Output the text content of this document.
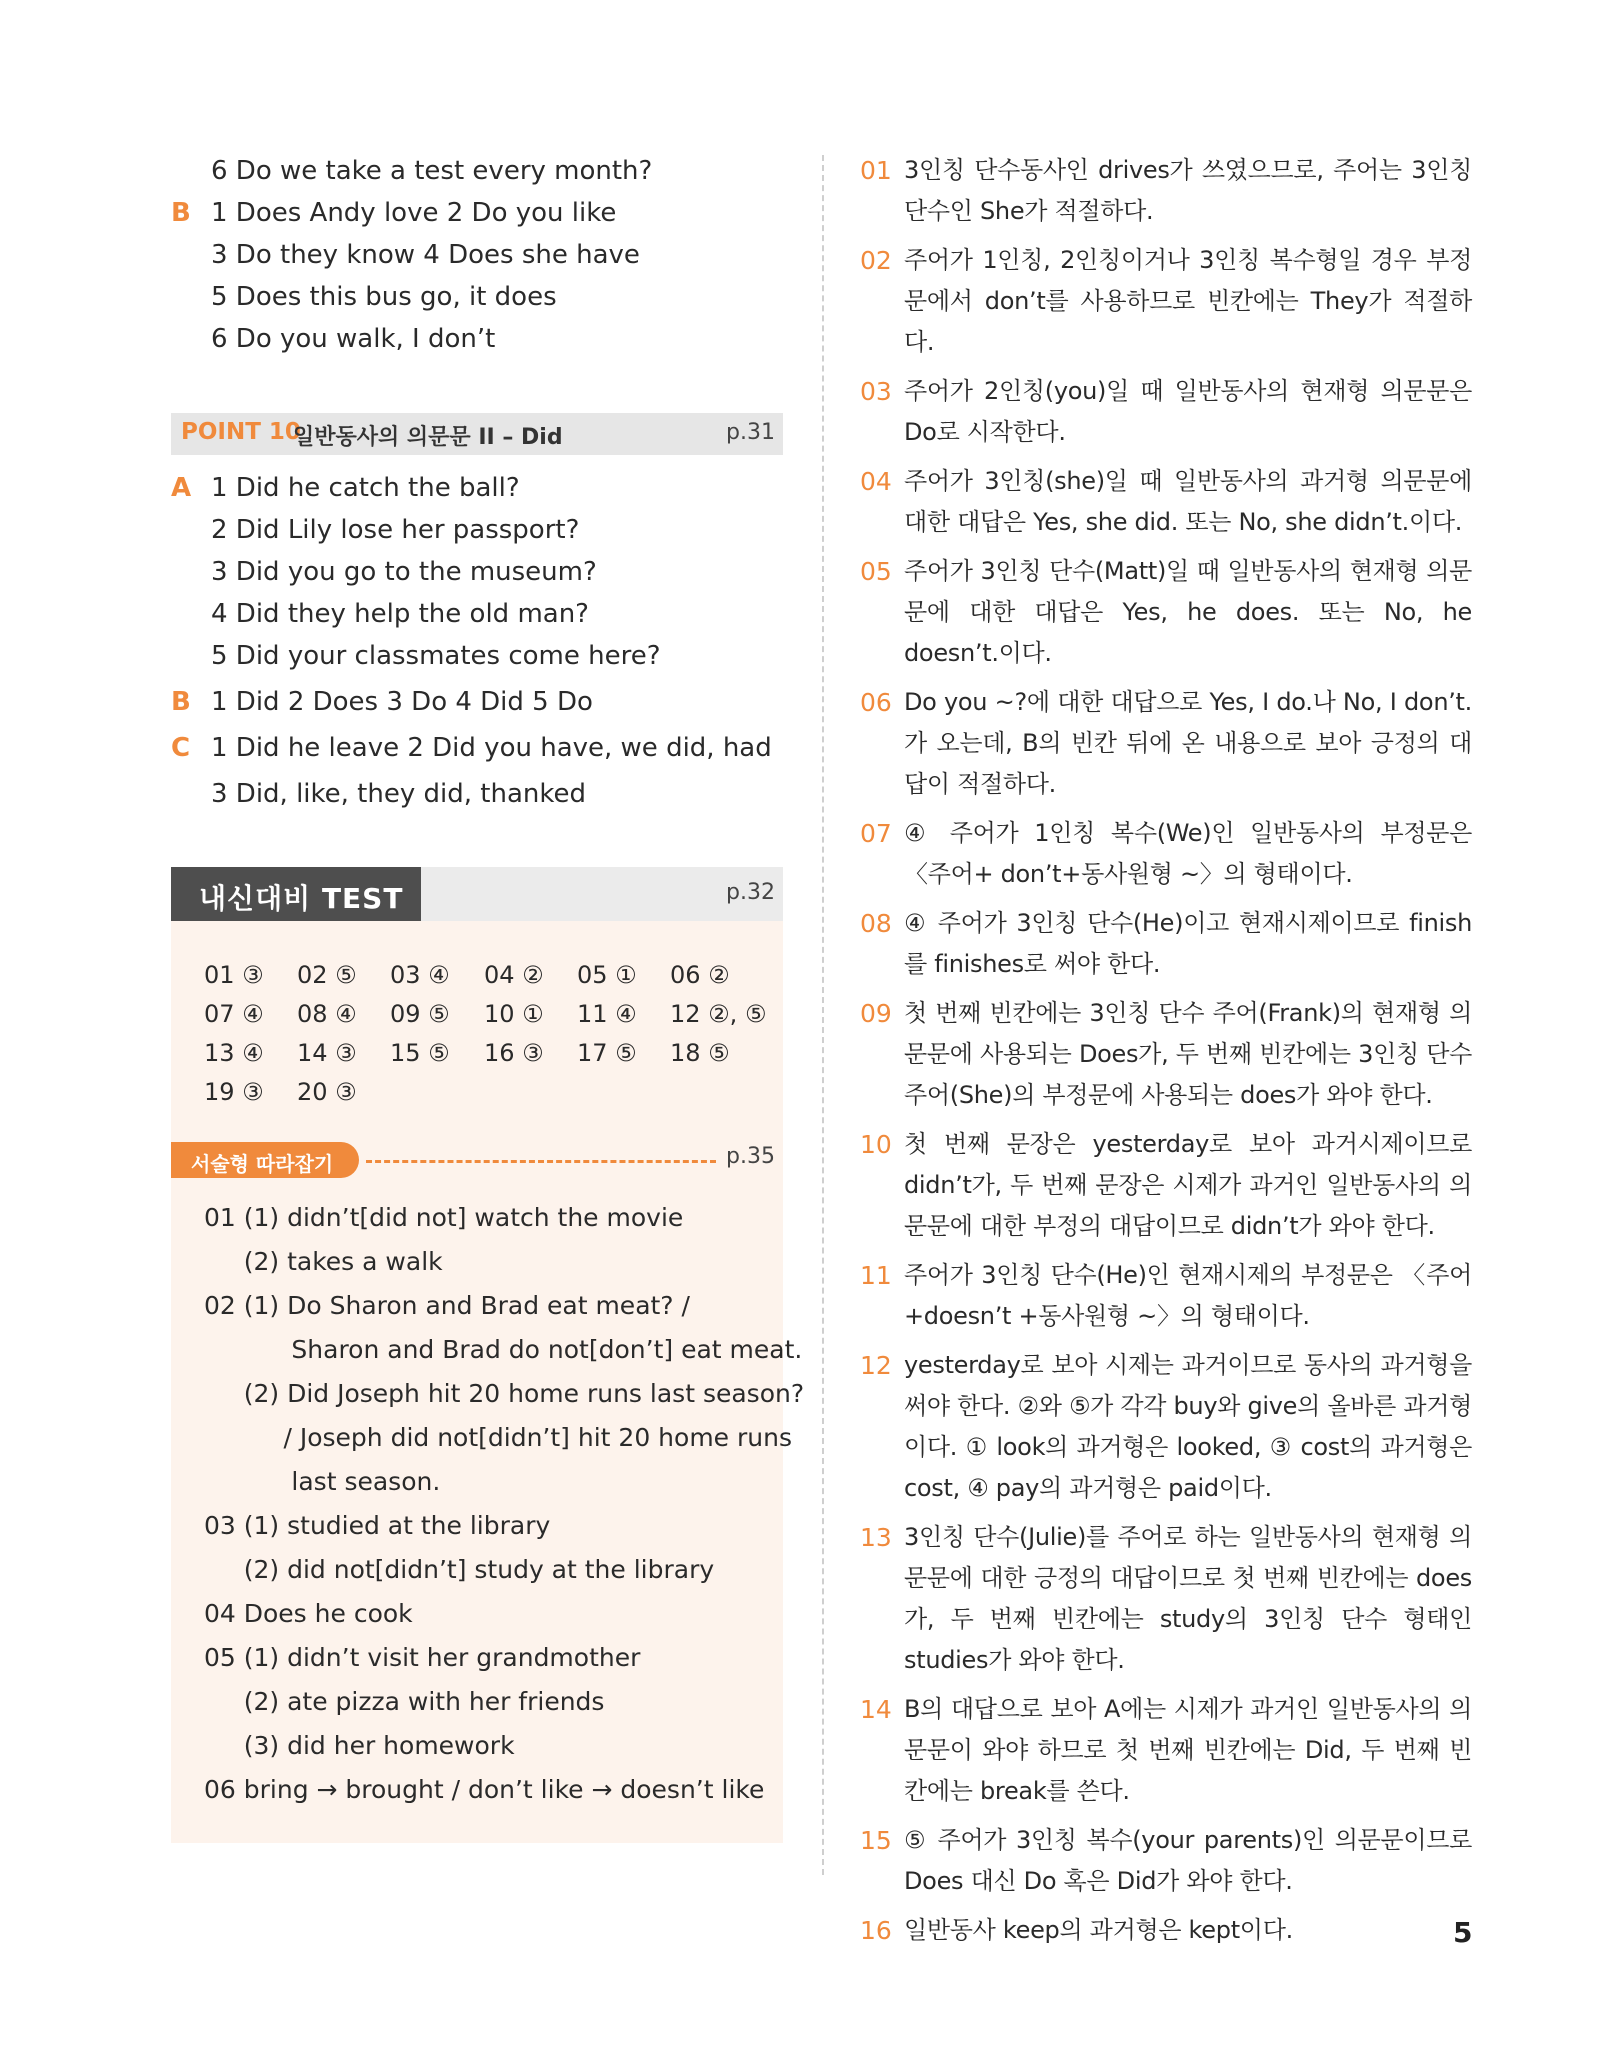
6 Do we take a test every month?

B 1 Does Andy love 2 Do you like

3 Do they know 4 Does she have

5 Does this bus go, it does

6 Do you walk, I don’t

POINT 10
일반동사의 의문문 II – Did	p.31
A 1 Did he catch the ball?

2 Did Lily lose her passport?

3 Did you go to the museum?

4 Did they help the old man?

5 Did your classmates come here?

B 1 Did 2 Does 3 Do 4 Did 5 Do

C 1 Did he leave 2 Did you have, we did, had

3 Did, like, they did, thanked

내신대비 TEST	p.32
01 ③ 02 ⑤ 03 ④ 04 ② 05 ① 06 ②
07 ④ 08 ④ 09 ⑤ 10 ① 11 ④ 12 ②, ⑤
13 ④ 14 ③ 15 ⑤ 16 ③ 17 ⑤ 18 ⑤
19 ③ 20 ③
서술형 따라잡기	p.35
01 (1) didn’t[did not] watch the movie
(2) takes a walk
02 (1) Do Sharon and Brad eat meat? /
Sharon and Brad do not[don’t] eat meat.
(2) Did Joseph hit 20 home runs last season?
/ Joseph did not[didn’t] hit 20 home runs
last season.
03 (1) studied at the library
(2) did not[didn’t] study at the library
04 Does he cook
05 (1) didn’t visit her grandmother
(2) ate pizza with her friends
(3) did her homework
06 bring → brought / don’t like → doesn’t like
01 3인칭 단수동사인 drives가 쓰였으므로, 주어는 3인칭 단수인 She가 적절하다.
02 주어가 1인칭, 2인칭이거나 3인칭 복수형일 경우 부정문에서 don’t를 사용하므로 빈칸에는 They가 적절하다.
03 주어가 2인칭(you)일 때 일반동사의 현재형 의문문은 Do로 시작한다.
04 주어가 3인칭(she)일 때 일반동사의 과거형 의문문에 대한 대답은 Yes, she did. 또는 No, she didn’t.이다.
05 주어가 3인칭 단수(Matt)일 때 일반동사의 현재형 의문문에 대한 대답은 Yes, he does. 또는 No, he doesn’t.이다.
06 Do you ~?에 대한 대답으로 Yes, I do.나 No, I don’t.가 오는데, B의 빈칸 뒤에 온 내용으로 보아 긍정의 대답이 적절하다.
07 ④ 주어가 1인칭 복수(We)인 일반동사의 부정문은 〈주어+ don’t+동사원형 ~〉의 형태이다.
08 ④ 주어가 3인칭 단수(He)이고 현재시제이므로 finish를 finishes로 써야 한다.
09 첫 번째 빈칸에는 3인칭 단수 주어(Frank)의 현재형 의문문에 사용되는 Does가, 두 번째 빈칸에는 3인칭 단수 주어(She)의 부정문에 사용되는 does가 와야 한다.
10 첫 번째 문장은 yesterday로 보아 과거시제이므로 didn’t가, 두 번째 문장은 시제가 과거인 일반동사의 의문문에 대한 부정의 대답이므로 didn’t가 와야 한다.
11 주어가 3인칭 단수(He)인 현재시제의 부정문은 〈주어+doesn’t +동사원형 ~〉의 형태이다.
12 yesterday로 보아 시제는 과거이므로 동사의 과거형을 써야 한다. ②와 ⑤가 각각 buy와 give의 올바른 과거형이다. ① look의 과거형은 looked, ③ cost의 과거형은 cost, ④ pay의 과거형은 paid이다.
13 3인칭 단수(Julie)를 주어로 하는 일반동사의 현재형 의문문에 대한 긍정의 대답이므로 첫 번째 빈칸에는 does가, 두 번째 빈칸에는 study의 3인칭 단수 형태인 studies가 와야 한다.
14 B의 대답으로 보아 A에는 시제가 과거인 일반동사의 의문문이 와야 하므로 첫 번째 빈칸에는 Did, 두 번째 빈칸에는 break를 쓴다.
15 ⑤ 주어가 3인칭 복수(your parents)인 의문문이므로 Does 대신 Do 혹은 Did가 와야 한다.
16 일반동사 keep의 과거형은 kept이다.	5
